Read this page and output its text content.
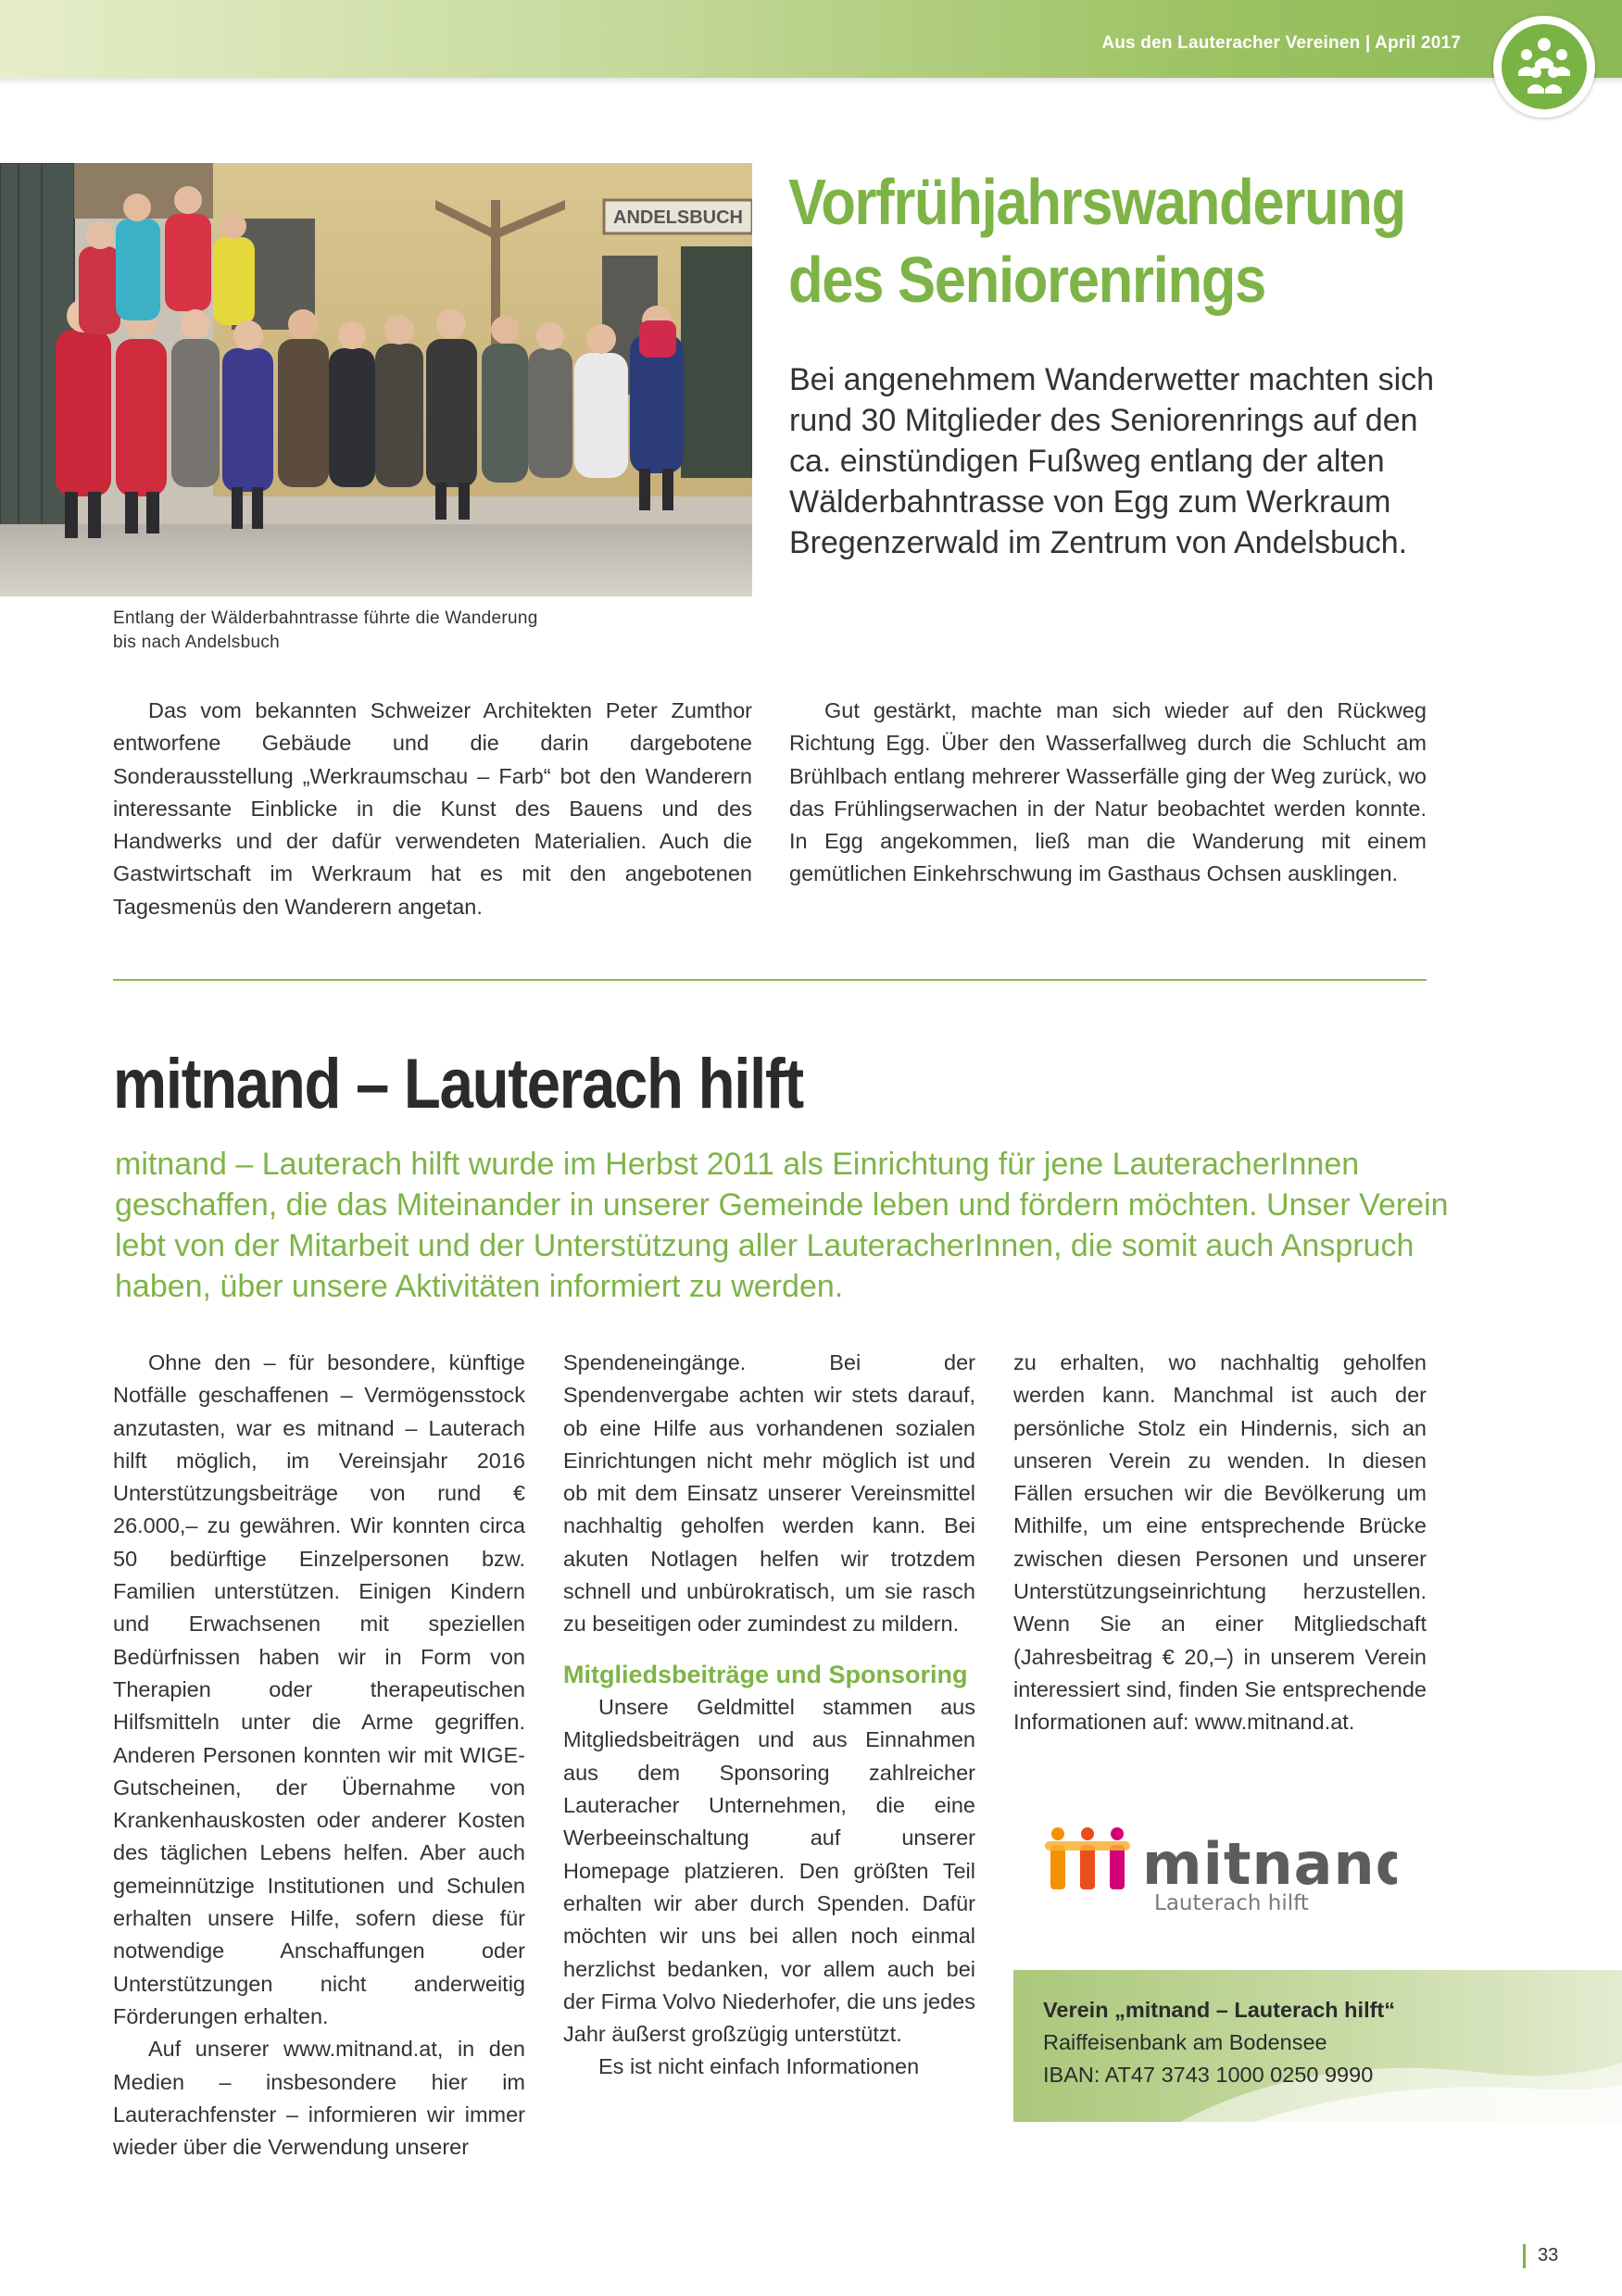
Aus den Lauteracher Vereinen | April 2017
ANDELSBUCH
Entlang der Wälderbahntrasse führte die Wanderung
bis nach Andelsbuch
Vorfrühjahrswanderung
des Seniorenrings
Bei angenehmem Wanderwetter machten sich rund 30 Mitglieder des Seniorenrings auf den ca. einstündigen Fußweg entlang der alten Wälderbahntrasse von Egg zum Werkraum Bregenzerwald im Zentrum von Andelsbuch.

Das vom bekannten Schweizer Architekten Peter Zumthor entworfene Gebäude und die darin dargebotene Sonderausstellung „Werkraumschau – Farb“ bot den Wanderern interessante Einblicke in die Kunst des Bauens und des Handwerks und der dafür verwendeten Materialien. Auch die Gastwirtschaft im Werkraum hat es mit den angebotenen Tagesmenüs den Wanderern angetan.

Gut gestärkt, machte man sich wieder auf den Rückweg Richtung Egg. Über den Wasserfallweg durch die Schlucht am Brühlbach entlang mehrerer Wasserfälle ging der Weg zurück, wo das Frühlingserwachen in der Natur beobachtet werden konnte. In Egg angekommen, ließ man die Wanderung mit einem gemütlichen Einkehrschwung im Gasthaus Ochsen ausklingen.

mitnand – Lauterach hilft
mitnand – Lauterach hilft wurde im Herbst 2011 als Einrichtung für jene LauteracherInnen geschaffen, die das Miteinander in unserer Gemeinde leben und fördern möchten. Unser Verein lebt von der Mitarbeit und der Unterstützung aller LauteracherInnen, die somit auch Anspruch haben, über unsere Aktivitäten informiert zu werden.

Ohne den – für besondere, künftige Notfälle geschaffenen – Vermögensstock anzutasten, war es mitnand – Lauterach hilft möglich, im Vereinsjahr 2016 Unterstützungsbeiträge von rund € 26.000,– zu gewähren. Wir konnten circa 50 bedürftige Einzelpersonen bzw. Familien unterstützen. Einigen Kindern und Erwachsenen mit speziellen Bedürfnissen haben wir in Form von Therapien oder therapeutischen Hilfsmitteln unter die Arme gegriffen. Anderen Personen konnten wir mit WIGE-Gutscheinen, der Übernahme von Krankenhauskosten oder anderer Kosten des täglichen Lebens helfen. Aber auch gemeinnützige Institutionen und Schulen erhalten unsere Hilfe, sofern diese für notwendige Anschaffungen oder Unterstützungen nicht anderweitig Förderungen erhalten.

Auf unserer www.mitnand.at, in den Medien – insbesondere hier im Lauterachfenster – informieren wir immer wieder über die Verwendung unserer

Spendeneingänge. Bei der Spendenvergabe achten wir stets darauf, ob eine Hilfe aus vorhandenen sozialen Einrichtungen nicht mehr möglich ist und ob mit dem Einsatz unserer Vereinsmittel nachhaltig geholfen werden kann. Bei akuten Notlagen helfen wir trotzdem schnell und unbürokratisch, um sie rasch zu beseitigen oder zumindest zu mildern.

Mitgliedsbeiträge und Sponsoring

Unsere Geldmittel stammen aus Mitgliedsbeiträgen und aus Einnahmen aus dem Sponsoring zahlreicher Lauteracher Unternehmen, die eine Werbeeinschaltung auf unserer Homepage platzieren. Den größten Teil erhalten wir aber durch Spenden. Dafür möchten wir uns bei allen noch einmal herzlichst bedanken, vor allem auch bei der Firma Volvo Niederhofer, die uns jedes Jahr äußerst großzügig unterstützt.

Es ist nicht einfach Informationen

zu erhalten, wo nachhaltig geholfen werden kann. Manchmal ist auch der persönliche Stolz ein Hindernis, sich an unseren Verein zu wenden. In diesen Fällen ersuchen wir die Bevölkerung um Mithilfe, um eine entsprechende Brücke zwischen diesen Personen und unserer Unterstützungseinrichtung herzustellen. Wenn Sie an einer Mitgliedschaft (Jahresbeitrag € 20,–) in unserem Verein interessiert sind, finden Sie entsprechende Informationen auf: www.mitnand.at.

mitnand
Lauterach hilft
Verein „mitnand – Lauterach hilft“
Raiffeisenbank am Bodensee
IBAN: AT47 3743 1000 0250 9990
33
